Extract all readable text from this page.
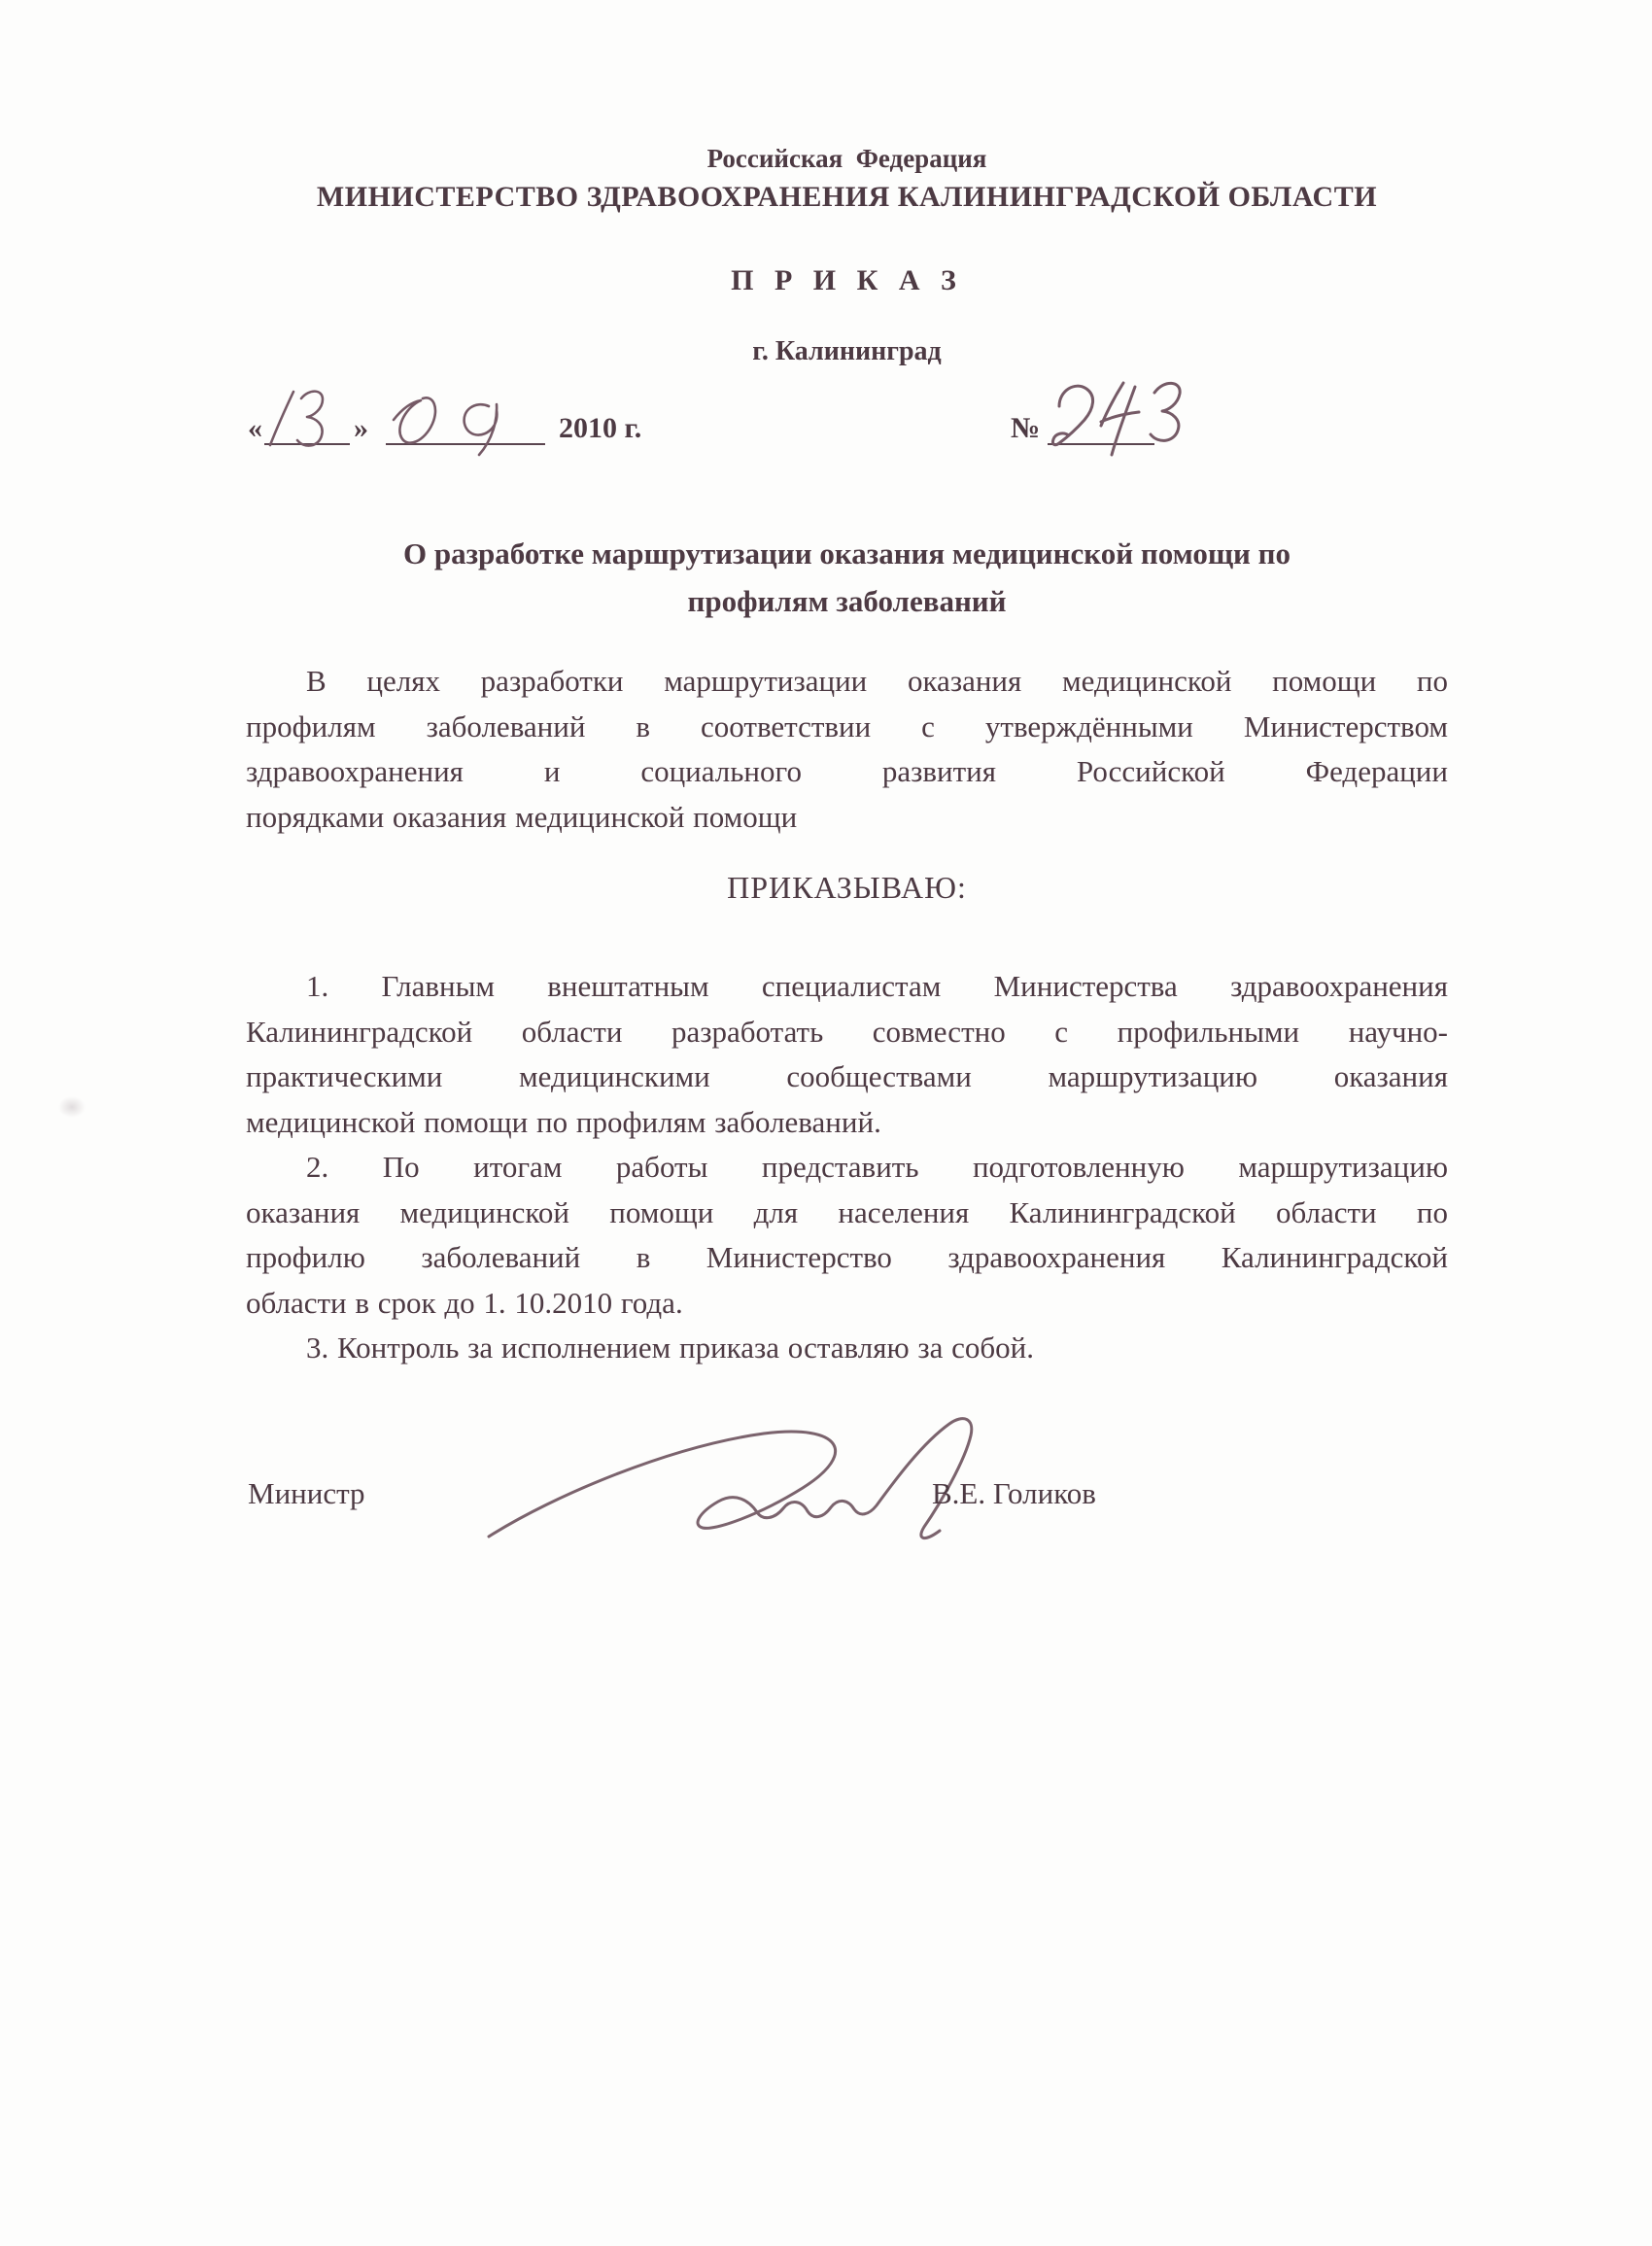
Российская  Федерация
МИНИСТЕРСТВО ЗДРАВООХРАНЕНИЯ КАЛИНИНГРАДСКОЙ ОБЛАСТИ
П Р И К А З
г. Калининград
«	»	2010 г.	№
О разработке маршрутизации оказания медицинской помощи по
профилям заболеваний
В целях разработки маршрутизации оказания медицинской помощи по
профилям заболеваний в соответствии с утверждёнными Министерством
здравоохранения и социального развития Российской Федерации
порядками оказания медицинской помощи
ПРИКАЗЫВАЮ:
1. Главным внештатным специалистам Министерства здравоохранения
Калининградской области разработать совместно с профильными научно-
практическими медицинскими сообществами маршрутизацию оказания
медицинской помощи по профилям заболеваний.
2. По итогам работы представить подготовленную маршрутизацию
оказания медицинской помощи для населения Калининградской области по
профилю заболеваний в Министерство здравоохранения Калининградской
области в срок до 1. 10.2010 года.
3. Контроль за исполнением приказа оставляю за собой.
Министр	В.Е. Голиков
